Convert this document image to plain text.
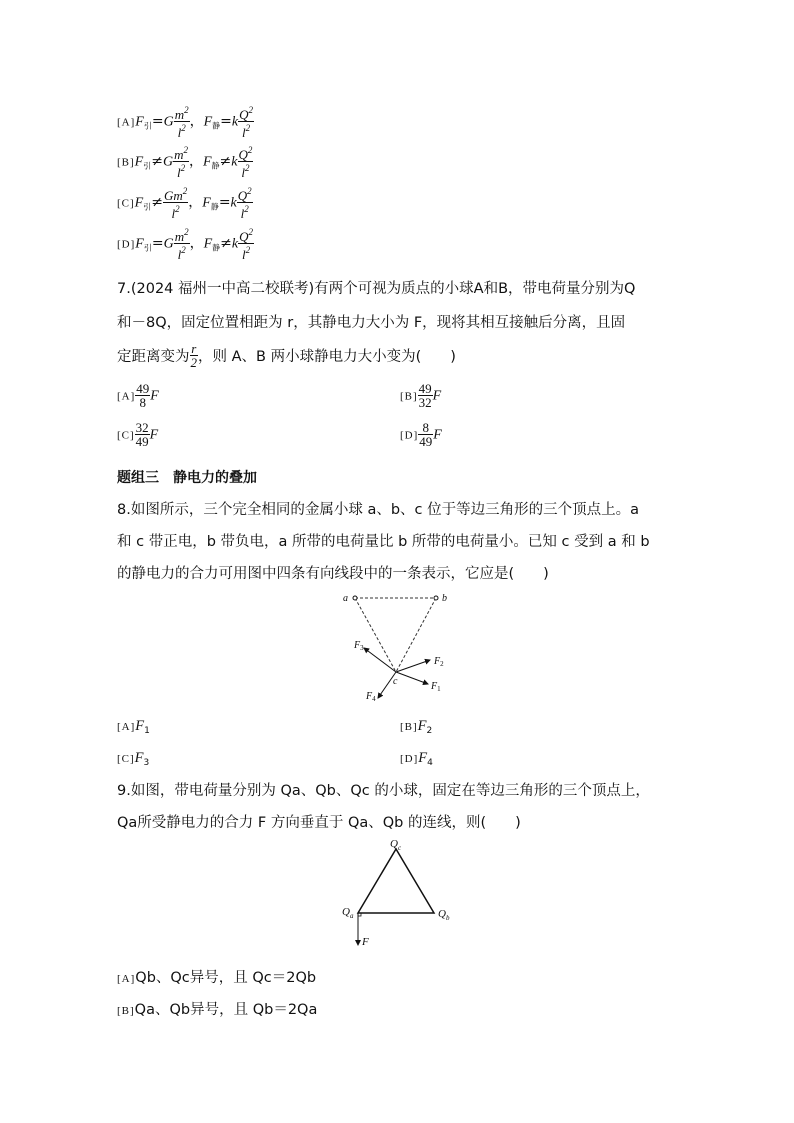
$[A]F_引=G \frac{m^2}{l^2}$ ，$F_静=k \frac{Q^2}{l^2}$
$[B]F_引\ne G \frac{m^2}{l^2}$ ，$F_静\ne k \frac{Q^2}{l^2}$
$[C]F_引\ne \frac{Gm^2}{l^2}$ ，$F_静=k \frac{Q^2}{l^2}$
$[D]F_引=G \frac{m^2}{l^2}$ ，$F_静\ne k \frac{Q^2}{l^2}$
7.(2024 福州一中高二校联考)有两个可视为质点的小球A和B，带电荷量分别为Q
和－8Q，固定位置相距为 r，其静电力大小为 F，现将其相互接触后分离，且固
定距离变为 $\frac{r}{2}$ ，则 A、B 两小球静电力大小变为(　　)
$[A] \frac{49}{8}$ F	$[B] \frac{49}{32}$ F
$[C] \frac{32}{49}$ F	$[D] \frac{8}{49}$ F
题组三　静电力的叠加
8.如图所示，三个完全相同的金属小球 a、b、c 位于等边三角形的三个顶点上。a
和 c 带正电，b 带负电，a 所带的电荷量比 b 所带的电荷量小。已知 c 受到 a 和 b
的静电力的合力可用图中四条有向线段中的一条表示，它应是(　　)
a	b
c
$F_3$
$F_2$
$F_1$
$F_4$
$[A]F_1$	$[B]F_2$
$[C]F_3$	$[D]F_4$
9.如图，带电荷量分别为 Qa、Qb、Qc 的小球，固定在等边三角形的三个顶点上，
Qa所受静电力的合力 F 方向垂直于 Qa、Qb 的连线，则(　　)
$Q_c$
$Q_a$	$Q_b$
F
[A]Qb、Qc异号，且 Qc＝2Qb
[B]Qa、Qb异号，且 Qb＝2Qa
